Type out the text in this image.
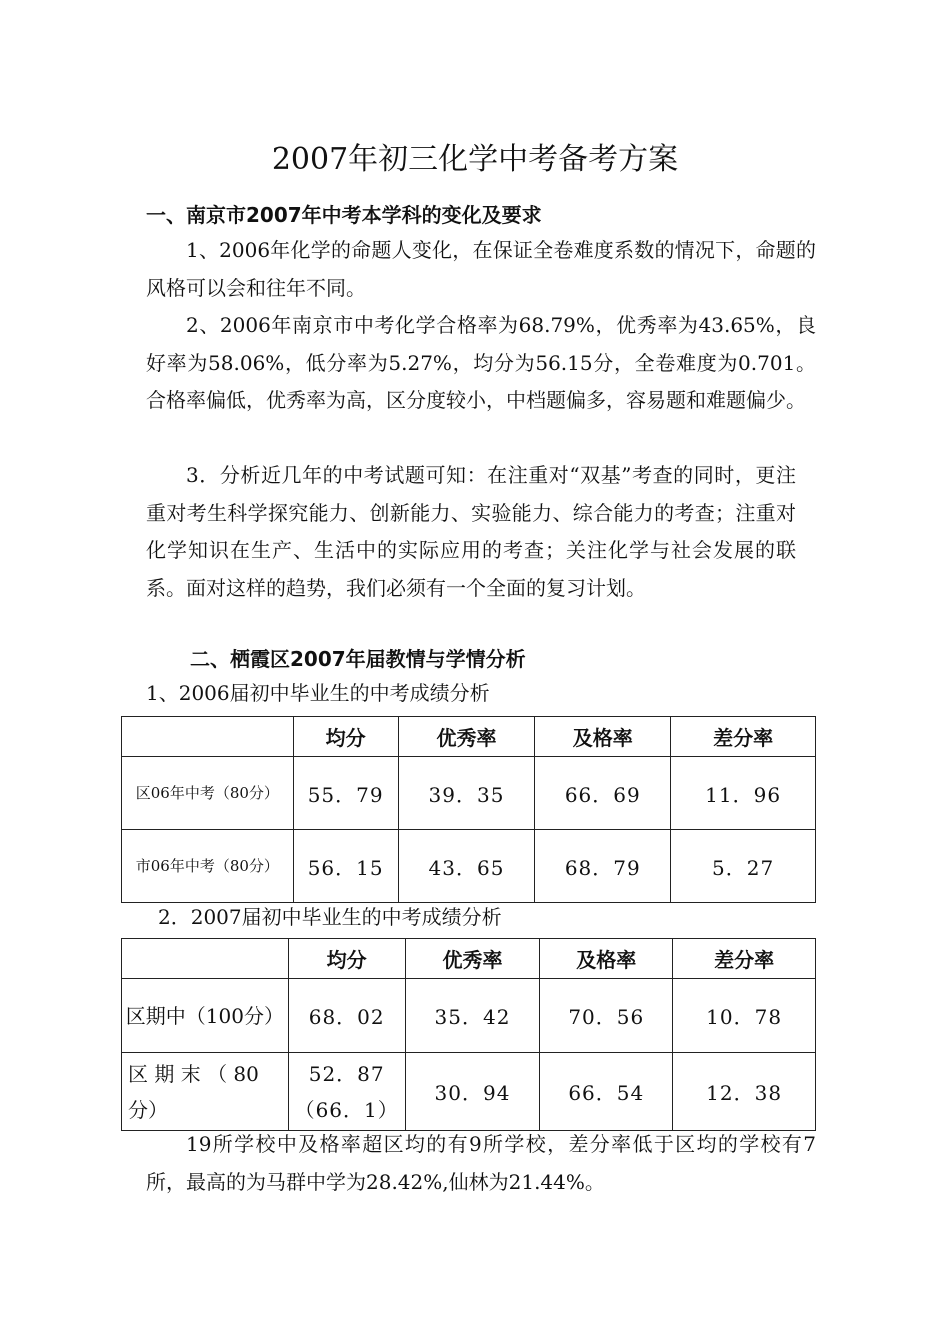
2007年初三化学中考备考方案
一、南京市2007年中考本学科的变化及要求
1、2006年化学的命题人变化，在保证全卷难度系数的情况下，命题的风格可以会和往年不同。
2、2006年南京市中考化学合格率为68.79%，优秀率为43.65%，良好率为58.06%，低分率为5.27%，均分为56.15分，全卷难度为0.701。 合格率偏低，优秀率为高，区分度较小，中档题偏多，容易题和难题偏少。
3．分析近几年的中考试题可知：在注重对“双基”考查的同时，更注重对考生科学探究能力、创新能力、实验能力、综合能力的考查；注重对化学知识在生产、生活中的实际应用的考查；关注化学与社会发展的联系。面对这样的趋势，我们必须有一个全面的复习计划。
二、栖霞区2007年届教情与学情分析
1、2006届初中毕业生的中考成绩分析
	均分	优秀率	及格率	差分率
区06年中考（80分）	55．79	39．35	66．69	11．96
市06年中考（80分）	56．15	43．65	68．79	5．27
2．2007届初中毕业生的中考成绩分析
	均分	优秀率	及格率	差分率
区期中（100分）	68．02	35．42	70．56	10．78
区 期 末 （ 80 分）	52．87（66．1）	30．94	66．54	12．38
19所学校中及格率超区均的有9所学校，差分率低于区均的学校有7所，最高的为马群中学为28.42%,仙林为21.44%。
